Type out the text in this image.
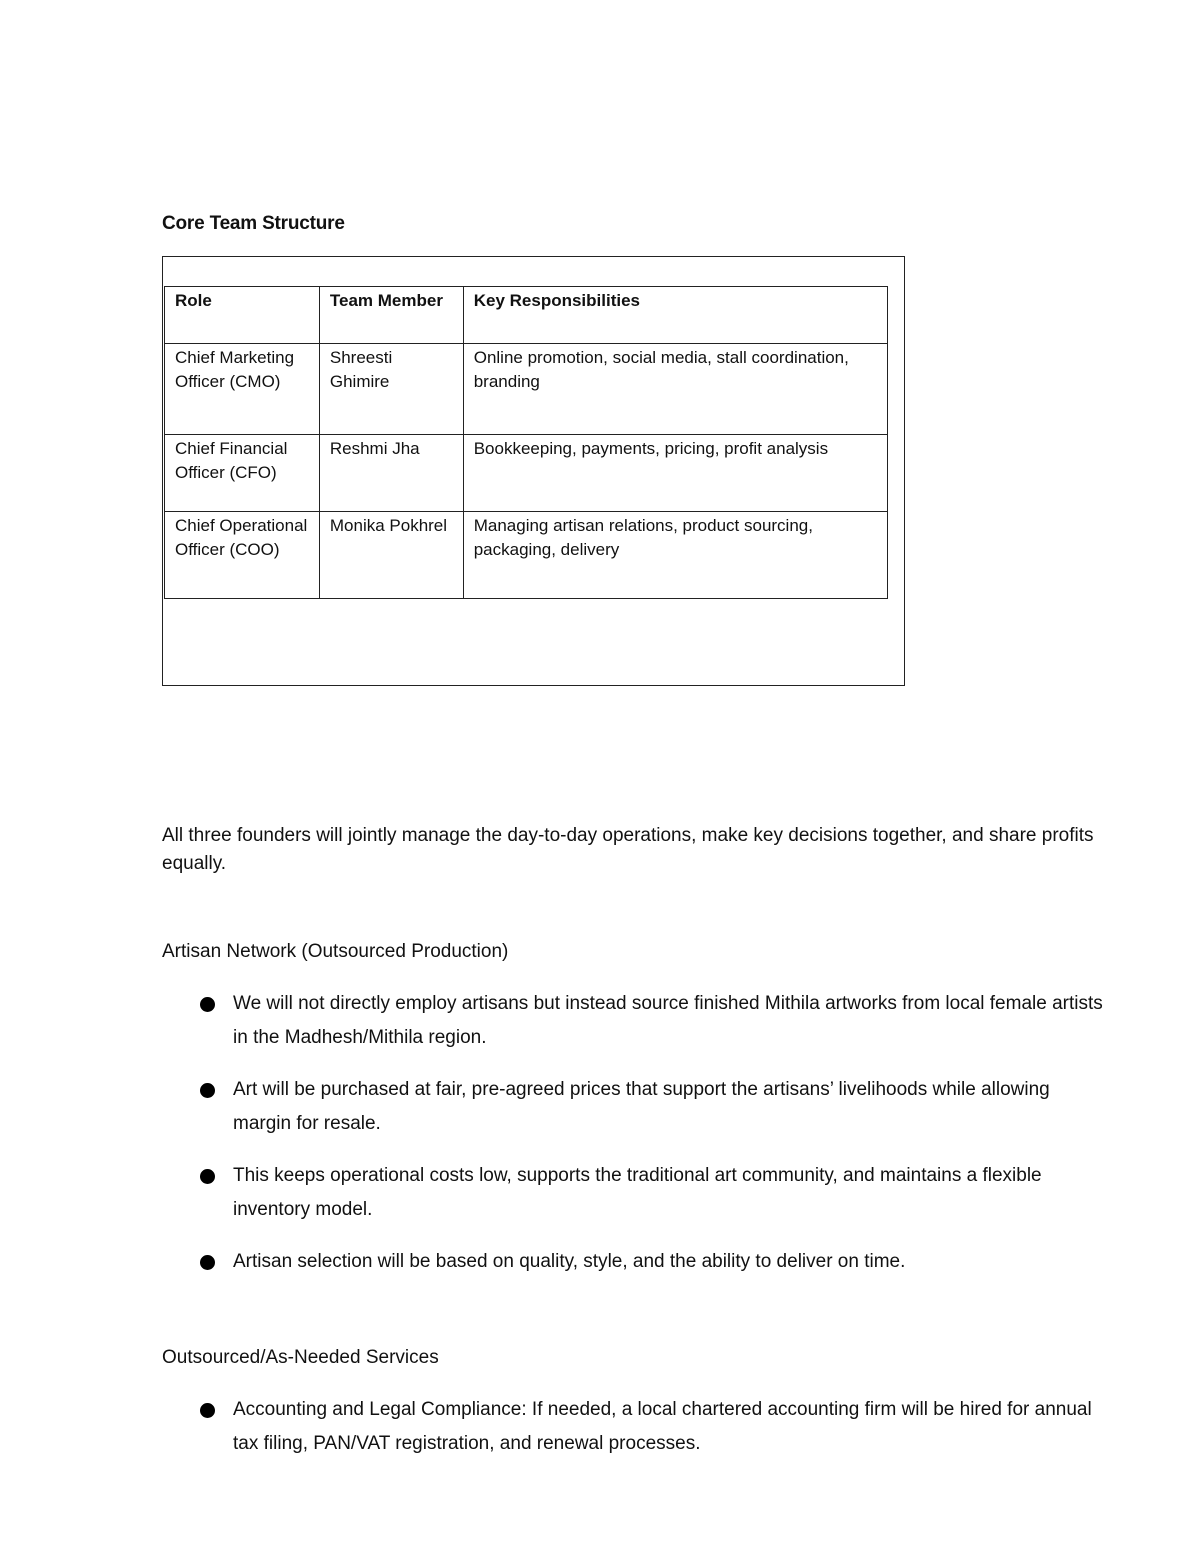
Core Team Structure
Role	Team Member	Key Responsibilities
Chief Marketing Officer (CMO)	Shreesti Ghimire	Online promotion, social media, stall coordination, branding
Chief Financial Officer (CFO)	Reshmi Jha	Bookkeeping, payments, pricing, profit analysis
Chief Operational Officer (COO)	Monika Pokhrel	Managing artisan relations, product sourcing, packaging, delivery
All three founders will jointly manage the day-to-day operations, make key decisions together, and share profits equally.
Artisan Network (Outsourced Production)
We will not directly employ artisans but instead source finished Mithila artworks from local female artists in the Madhesh/Mithila region.
Art will be purchased at fair, pre-agreed prices that support the artisans’ livelihoods while allowing margin for resale.
This keeps operational costs low, supports the traditional art community, and maintains a flexible inventory model.
Artisan selection will be based on quality, style, and the ability to deliver on time.
Outsourced/As-Needed Services
Accounting and Legal Compliance: If needed, a local chartered accounting firm will be hired for annual tax filing, PAN/VAT registration, and renewal processes.
